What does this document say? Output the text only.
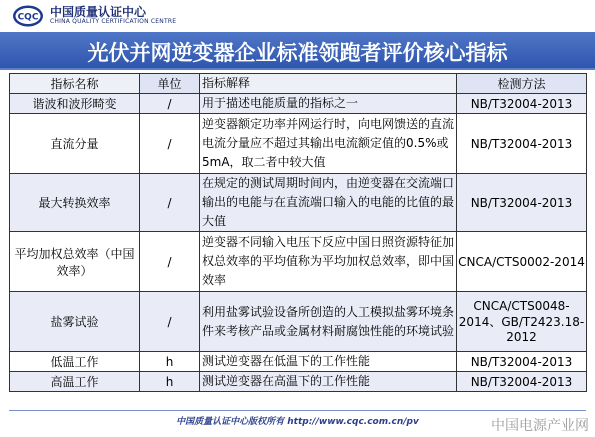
CQC 中国质量认证中心
CHINA QUALITY CERTIFICATION CENTRE
光伏并网逆变器企业标准领跑者评价核心指标
指标名称	单位	指标解释	检测方法
谐波和波形畸变	/	用于描述电能质量的指标之一	NB/T32004-2013
直流分量	/	逆变器额定功率并网运行时，向电网馈送的直流电流分量应不超过其输出电流额定值的0.5%或5mA，取二者中较大值	NB/T32004-2013
最大转换效率	/	在规定的测试周期时间内，由逆变器在交流端口输出的电能与在直流端口输入的电能的比值的最大值	NB/T32004-2013
平均加权总效率（中国效率）	/	逆变器不同输入电压下反应中国日照资源特征加权总效率的平均值称为平均加权总效率，即中国效率	CNCA/CTS0002-2014
盐雾试验	/	利用盐雾试验设备所创造的人工模拟盐雾环境条件来考核产品或金属材料耐腐蚀性能的环境试验	CNCA/CTS0048-2014、GB/T2423.18-2012
低温工作	h	测试逆变器在低温下的工作性能	NB/T32004-2013
高温工作	h	测试逆变器在高温下的工作性能	NB/T32004-2013
中国质量认证中心版权所有 http://www.cqc.com.cn/pv	中国电源产业网
